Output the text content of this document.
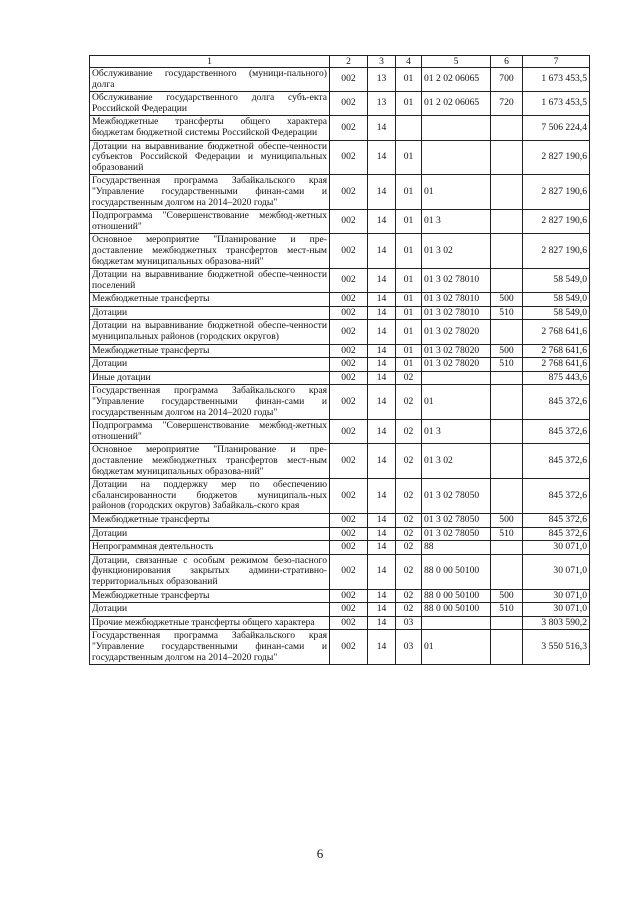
1	2	3	4	5	6	7
Обслуживание государственного (муници-пального) долга	002	13	01	01 2 02 06065	700	1 673 453,5
Обслуживание государственного долга субъ-екта Российской Федерации	002	13	01	01 2 02 06065	720	1 673 453,5
Межбюджетные трансферты общего характера бюджетам бюджетной системы Российской Федерации	002	14				7 506 224,4
Дотации на выравнивание бюджетной обеспе-ченности субъектов Российской Федерации и муниципальных образований	002	14	01			2 827 190,6
Государственная программа Забайкальского края "Управление государственными финан-сами и государственным долгом на 2014–2020 годы"	002	14	01	01		2 827 190,6
Подпрограмма "Совершенствование межбюд-жетных отношений"	002	14	01	01 3		2 827 190,6
Основное мероприятие "Планирование и пре-доставление межбюджетных трансфертов мест-ным бюджетам муниципальных образова-ний"	002	14	01	01 3 02		2 827 190,6
Дотации на выравнивание бюджетной обеспе-ченности поселений	002	14	01	01 3 02 78010		58 549,0
Межбюджетные трансферты	002	14	01	01 3 02 78010	500	58 549,0
Дотации	002	14	01	01 3 02 78010	510	58 549,0
Дотации на выравнивание бюджетной обеспе-ченности муниципальных районов (городских округов)	002	14	01	01 3 02 78020		2 768 641,6
Межбюджетные трансферты	002	14	01	01 3 02 78020	500	2 768 641,6
Дотации	002	14	01	01 3 02 78020	510	2 768 641,6
Иные дотации	002	14	02			875 443,6
Государственная программа Забайкальского края "Управление государственными финан-сами и государственным долгом на 2014–2020 годы"	002	14	02	01		845 372,6
Подпрограмма "Совершенствование межбюд-жетных отношений"	002	14	02	01 3		845 372,6
Основное мероприятие "Планирование и пре-доставление межбюджетных трансфертов мест-ным бюджетам муниципальных образова-ний"	002	14	02	01 3 02		845 372,6
Дотации на поддержку мер по обеспечению сбалансированности бюджетов муниципаль-ных районов (городских округов) Забайкаль-ского края	002	14	02	01 3 02 78050		845 372,6
Межбюджетные трансферты	002	14	02	01 3 02 78050	500	845 372,6
Дотации	002	14	02	01 3 02 78050	510	845 372,6
Непрограммная деятельность	002	14	02	88		30 071,0
Дотации, связанные с особым режимом безо-пасного функционирования закрытых админи-стративно-территориальных образований	002	14	02	88 0 00 50100		30 071,0
Межбюджетные трансферты	002	14	02	88 0 00 50100	500	30 071,0
Дотации	002	14	02	88 0 00 50100	510	30 071,0
Прочие межбюджетные трансферты общего характера	002	14	03			3 803 590,2
Государственная программа Забайкальского края "Управление государственными финан-сами и государственным долгом на 2014–2020 годы"	002	14	03	01		3 550 516,3
6
